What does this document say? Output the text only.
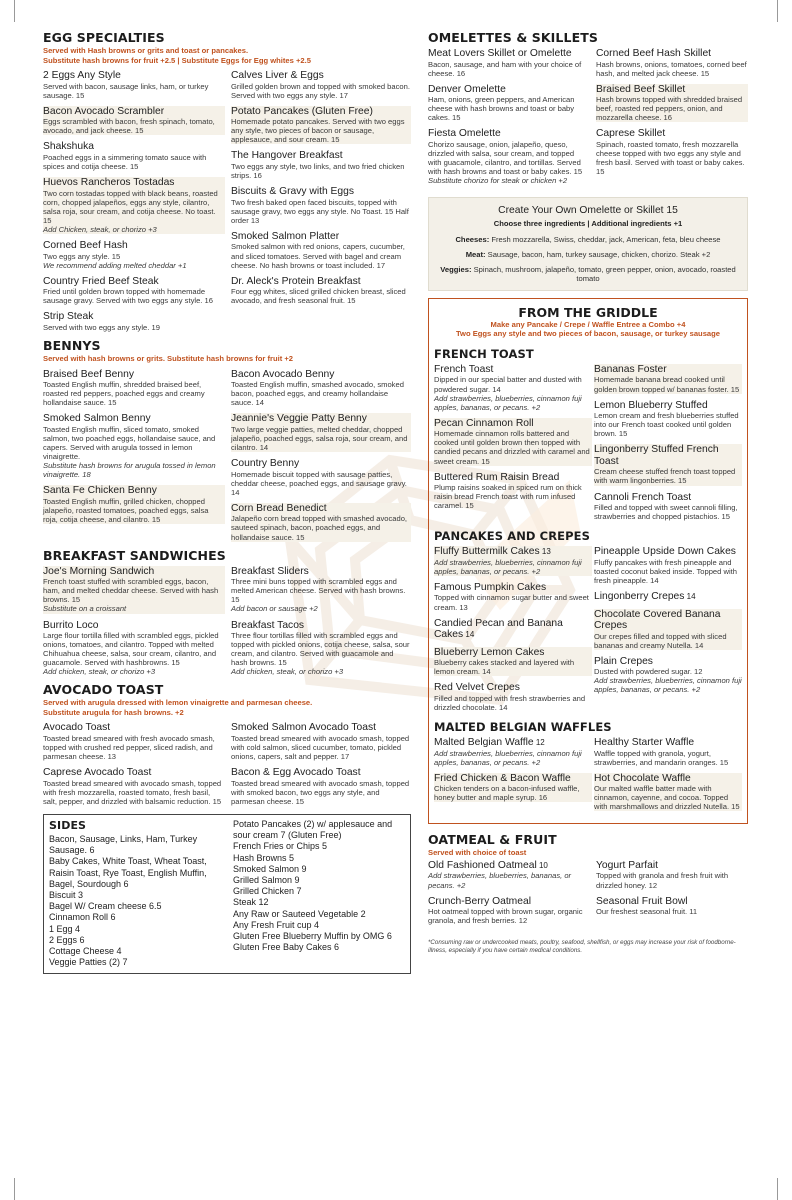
EGG SPECIALTIES

Served with Hash browns or grits and toast or pancakes.

Substitute hash browns for fruit +2.5 | Substitute Eggs for Egg whites +2.5

2 Eggs Any Style

Served with bacon, sausage links, ham, or turkey sausage. 15

Bacon Avocado Scrambler

Eggs scrambled with bacon, fresh spinach, tomato, avocado, and jack cheese. 15

Shakshuka

Poached eggs in a simmering tomato sauce with spices and cotija cheese. 15

Huevos Rancheros Tostadas

Two corn tostadas topped with black beans, roasted corn, chopped jalapeños, eggs any style, cilantro, salsa roja, sour cream, and cotija cheese. No toast. 15

Add Chicken, steak, or chorizo +3

Corned Beef Hash

Two eggs any style. 15

We recommend adding melted cheddar +1

Country Fried Beef Steak

Fried until golden brown topped with homemade sausage gravy. Served with two eggs any style. 16

Strip Steak

Served with two eggs any style. 19

Calves Liver & Eggs

Grilled golden brown and topped with smoked bacon. Served with two eggs any style. 17

Potato Pancakes (Gluten Free)

Homemade potato pancakes. Served with two eggs any style, two pieces of bacon or sausage, applesauce, and sour cream. 15

The Hangover Breakfast

Two eggs any style, two links, and two fried chicken strips. 16

Biscuits & Gravy with Eggs

Two fresh baked open faced biscuits, topped with sausage gravy, two eggs any style. No Toast. 15 Half order 13

Smoked Salmon Platter

Smoked salmon with red onions, capers, cucumber, and sliced tomatoes. Served with bagel and cream cheese. No hash browns or toast included. 17

Dr. Aleck's Protein Breakfast

Four egg whites, sliced grilled chicken breast, sliced avocado, and fresh seasonal fruit. 15

BENNYS

Served with hash browns or grits. Substitute hash browns for fruit +2

Braised Beef Benny

Toasted English muffin, shredded braised beef, roasted red peppers, poached eggs and creamy hollandaise sauce. 15

Smoked Salmon Benny

Toasted English muffin, sliced tomato, smoked salmon, two poached eggs, hollandaise sauce, and capers. Served with arugula tossed in lemon vinaigrette.

Substitute hash browns for arugula tossed in lemon vinaigrette. 18

Santa Fe Chicken Benny

Toasted English muffin, grilled chicken, chopped jalapeño, roasted tomatoes, poached eggs, salsa roja, cotija cheese, and cilantro. 15

Bacon Avocado Benny

Toasted English muffin, smashed avocado, smoked bacon, poached eggs, and creamy hollandaise sauce. 14

Jeannie's Veggie Patty Benny

Two large veggie patties, melted cheddar, chopped jalapeño, poached eggs, salsa roja, sour cream, and cilantro. 14

Country Benny

Homemade biscuit topped with sausage patties, cheddar cheese, poached eggs, and sausage gravy. 14

Corn Bread Benedict

Jalapeño corn bread topped with smashed avocado, sauteed spinach, bacon, poached eggs, and hollandaise sauce. 15

BREAKFAST SANDWICHES

Joe's Morning Sandwich

French toast stuffed with scrambled eggs, bacon, ham, and melted cheddar cheese. Served with hash browns. 15

Substitute on a croissant

Burrito Loco

Large flour tortilla filled with scrambled eggs, pickled onions, tomatoes, and cilantro. Topped with melted Chihuahua cheese, salsa, sour cream, cilantro, and guacamole. Served with hashbrowns. 15

Add chicken, steak, or chorizo +3

Breakfast Sliders

Three mini buns topped with scrambled eggs and melted American cheese. Served with hash browns. 15

Add bacon or sausage +2

Breakfast Tacos

Three flour tortillas filled with scrambled eggs and topped with pickled onions, cotija cheese, salsa, sour cream, and cilantro. Served with guacamole and hash browns. 15

Add chicken, steak, or chorizo +3

AVOCADO TOAST

Served with arugula dressed with lemon vinaigrette and parmesan cheese.

Substitute arugula for hash browns. +2

Avocado Toast

Toasted bread smeared with fresh avocado smash, topped with crushed red pepper, sliced radish, and parmesan cheese. 13

Caprese Avocado Toast

Toasted bread smeared with avocado smash, topped with fresh mozzarella, roasted tomato, fresh basil, salt, pepper, and drizzled with balsamic reduction. 15

Smoked Salmon Avocado Toast

Toasted bread smeared with avocado smash, topped with cold salmon, sliced cucumber, tomato, pickled onions, capers, salt and pepper. 17

Bacon & Egg Avocado Toast

Toasted bread smeared with avocado smash, topped with smoked bacon, two eggs any style, and parmesan cheese. 15

SIDES

Bacon, Sausage, Links, Ham, Turkey Sausage. 6

Baby Cakes, White Toast, Wheat Toast, Raisin Toast, Rye Toast, English Muffin, Bagel, Sourdough 6

Biscuit 3

Bagel W/ Cream cheese 6.5

Cinnamon Roll 6

1 Egg 4

2 Eggs 6

Cottage Cheese 4

Veggie Patties (2) 7

Potato Pancakes (2) w/ applesauce and sour cream 7 (Gluten Free)

French Fries or Chips 5

Hash Browns 5

Smoked Salmon 9

Grilled Salmon 9

Grilled Chicken 7

Steak 12

Any Raw or Sauteed Vegetable 2

Any Fresh Fruit cup 4

Gluten Free Blueberry Muffin by OMG 6

Gluten Free Baby Cakes 6

OMELETTES & SKILLETS

Meat Lovers Skillet or Omelette

Bacon, sausage, and ham with your choice of cheese. 16

Denver Omelette

Ham, onions, green peppers, and American cheese with hash browns and toast or baby cakes. 15

Fiesta Omelette

Chorizo sausage, onion, jalapeño, queso, drizzled with salsa, sour cream, and topped with guacamole, cilantro, and tortillas. Served with hash browns and toast or baby cakes. 15

Substitute chorizo for steak or chicken +2

Corned Beef Hash Skillet

Hash browns, onions, tomatoes, corned beef hash, and melted jack cheese. 15

Braised Beef Skillet

Hash browns topped with shredded braised beef, roasted red peppers, onion, and mozzarella cheese. 16

Caprese Skillet

Spinach, roasted tomato, fresh mozzarella cheese topped with two eggs any style and fresh basil. Served with toast or baby cakes. 15

Create Your Own Omelette or Skillet 15

Choose three ingredients | Additional ingredients +1

Cheeses: Fresh mozzarella, Swiss, cheddar, jack, American, feta, bleu cheese

Meat: Sausage, bacon, ham, turkey sausage, chicken, chorizo. Steak +2

Veggies: Spinach, mushroom, jalapeño, tomato, green pepper, onion, avocado, roasted tomato

FROM THE GRIDDLE

Make any Pancake / Crepe / Waffle Entree a Combo +4

Two Eggs any style and two pieces of bacon, sausage, or turkey sausage

FRENCH TOAST

French Toast

Dipped in our special batter and dusted with powdered sugar. 14

Add strawberries, blueberries, cinnamon fuji apples, bananas, or pecans. +2

Pecan Cinnamon Roll

Homemade cinnamon rolls battered and cooked until golden brown then topped with candied pecans and drizzled with caramel and sweet cream. 15

Buttered Rum Raisin Bread

Plump raisins soaked in spiced rum on thick raisin bread French toast with rum infused caramel. 15

Bananas Foster

Homemade banana bread cooked until golden brown topped w/ bananas foster. 15

Lemon Blueberry Stuffed

Lemon cream and fresh blueberries stuffed into our French toast cooked until golden brown. 15

Lingonberry Stuffed French Toast

Cream cheese stuffed french toast topped with warm lingonberries. 15

Cannoli French Toast

Filled and topped with sweet cannoli filling, strawberries and chopped pistachios. 15

PANCAKES AND CREPES

Fluffy Buttermilk Cakes 13

Add strawberries, blueberries, cinnamon fuji apples, bananas, or pecans. +2

Famous Pumpkin Cakes

Topped with cinnamon sugar butter and sweet cream. 13

Candied Pecan and Banana Cakes 14

Blueberry Lemon Cakes

Blueberry cakes stacked and layered with lemon cream. 14

Red Velvet Crepes

Filled and topped with fresh strawberries and drizzled chocolate. 14

Pineapple Upside Down Cakes

Fluffy pancakes with fresh pineapple and toasted coconut baked inside. Topped with fresh pineapple. 14

Lingonberry Crepes 14

Chocolate Covered Banana Crepes

Our crepes filled and topped with sliced bananas and creamy Nutella. 14

Plain Crepes

Dusted with powdered sugar. 12

Add strawberries, blueberries, cinnamon fuji apples, bananas, or pecans. +2

MALTED BELGIAN WAFFLES

Malted Belgian Waffle 12

Add strawberries, blueberries, cinnamon fuji apples, bananas, or pecans. +2

Fried Chicken & Bacon Waffle

Chicken tenders on a bacon-infused waffle, honey butter and maple syrup. 16

Healthy Starter Waffle

Waffle topped with granola, yogurt, strawberries, and mandarin oranges. 15

Hot Chocolate Waffle

Our malted waffle batter made with cinnamon, cayenne, and cocoa. Topped with marshmallows and drizzled Nutella. 15

OATMEAL & FRUIT

Served with choice of toast

Old Fashioned Oatmeal 10

Add strawberries, blueberries, bananas, or pecans. +2

Crunch-Berry Oatmeal

Hot oatmeal topped with brown sugar, organic granola, and fresh berries. 12

Yogurt Parfait

Topped with granola and fresh fruit with drizzled honey. 12

Seasonal Fruit Bowl

Our freshest seasonal fruit. 11

*Consuming raw or undercooked meats, poultry, seafood, shellfish, or eggs may increase your risk of foodborne-illness, especially if you have certain medical conditions.
